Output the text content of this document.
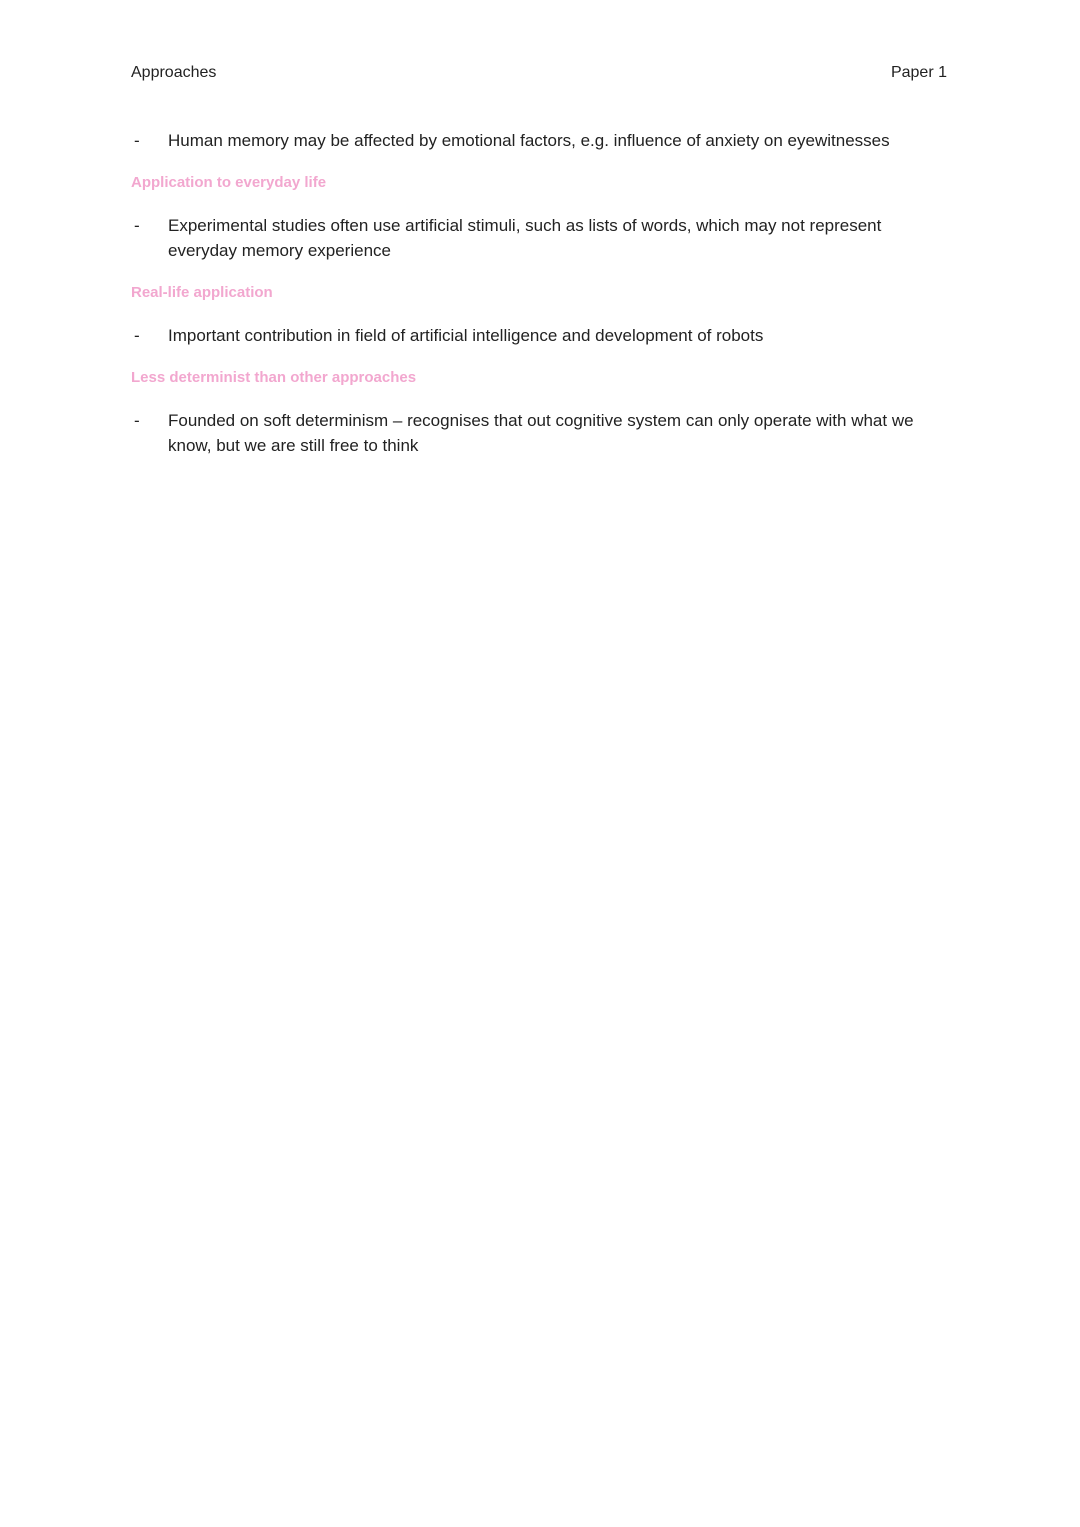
Approaches	Paper 1
- Human memory may be affected by emotional factors, e.g. influence of anxiety on eyewitnesses
Application to everyday life
- Experimental studies often use artificial stimuli, such as lists of words, which may not represent everyday memory experience
Real-life application
- Important contribution in field of artificial intelligence and development of robots
Less determinist than other approaches
- Founded on soft determinism – recognises that out cognitive system can only operate with what we know, but we are still free to think
